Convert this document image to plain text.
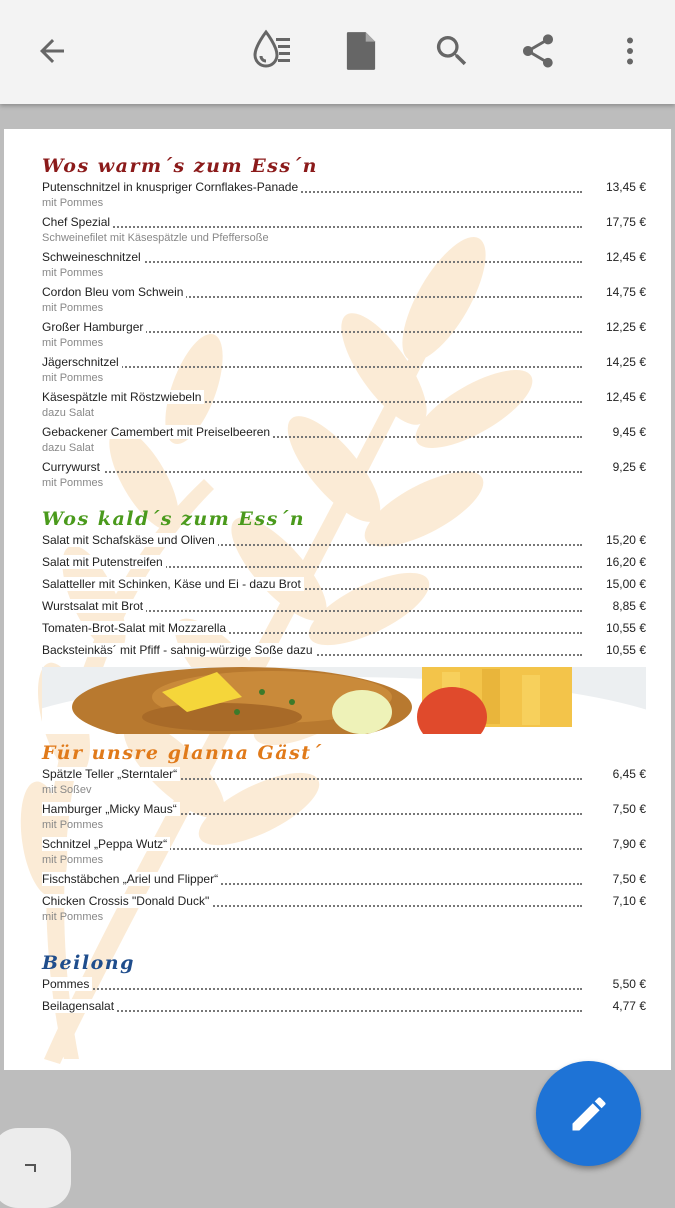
Wos warm´s zum Ess´n
Putenschnitzel in knuspriger Cornflakes-Panade	13,45 €
mit Pommes
Chef Spezial	17,75 €
Schweinefilet mit Käsespätzle und Pfeffersoße
Schweineschnitzel	12,45 €
mit Pommes
Cordon Bleu vom Schwein	14,75 €
mit Pommes
Großer Hamburger	12,25 €
mit Pommes
Jägerschnitzel	14,25 €
mit Pommes
Käsespätzle mit Röstzwiebeln	12,45 €
dazu Salat
Gebackener Camembert mit Preiselbeeren	9,45 €
dazu Salat
Currywurst	9,25 €
mit Pommes
Wos kald´s zum Ess´n
Salat mit Schafskäse und Oliven	15,20 €
Salat mit Putenstreifen	16,20 €
Salatteller mit Schinken, Käse und Ei - dazu Brot	15,00 €
Wurstsalat mit Brot	8,85 €
Tomaten-Brot-Salat mit Mozzarella	10,55 €
Backsteinkäs´ mit Pfiff - sahnig-würzige Soße dazu	10,55 €
Für unsre glanna Gäst´
Spätzle Teller „Sterntaler“	6,45 €
mit Soßev
Hamburger „Micky Maus“	7,50 €
mit Pommes
Schnitzel „Peppa Wutz“	7,90 €
mit Pommes
Fischstäbchen „Ariel und Flipper“	7,50 €
Chicken Crossis "Donald Duck"	7,10 €
mit Pommes
Beilong
Pommes	5,50 €
Beilagensalat	4,77 €
